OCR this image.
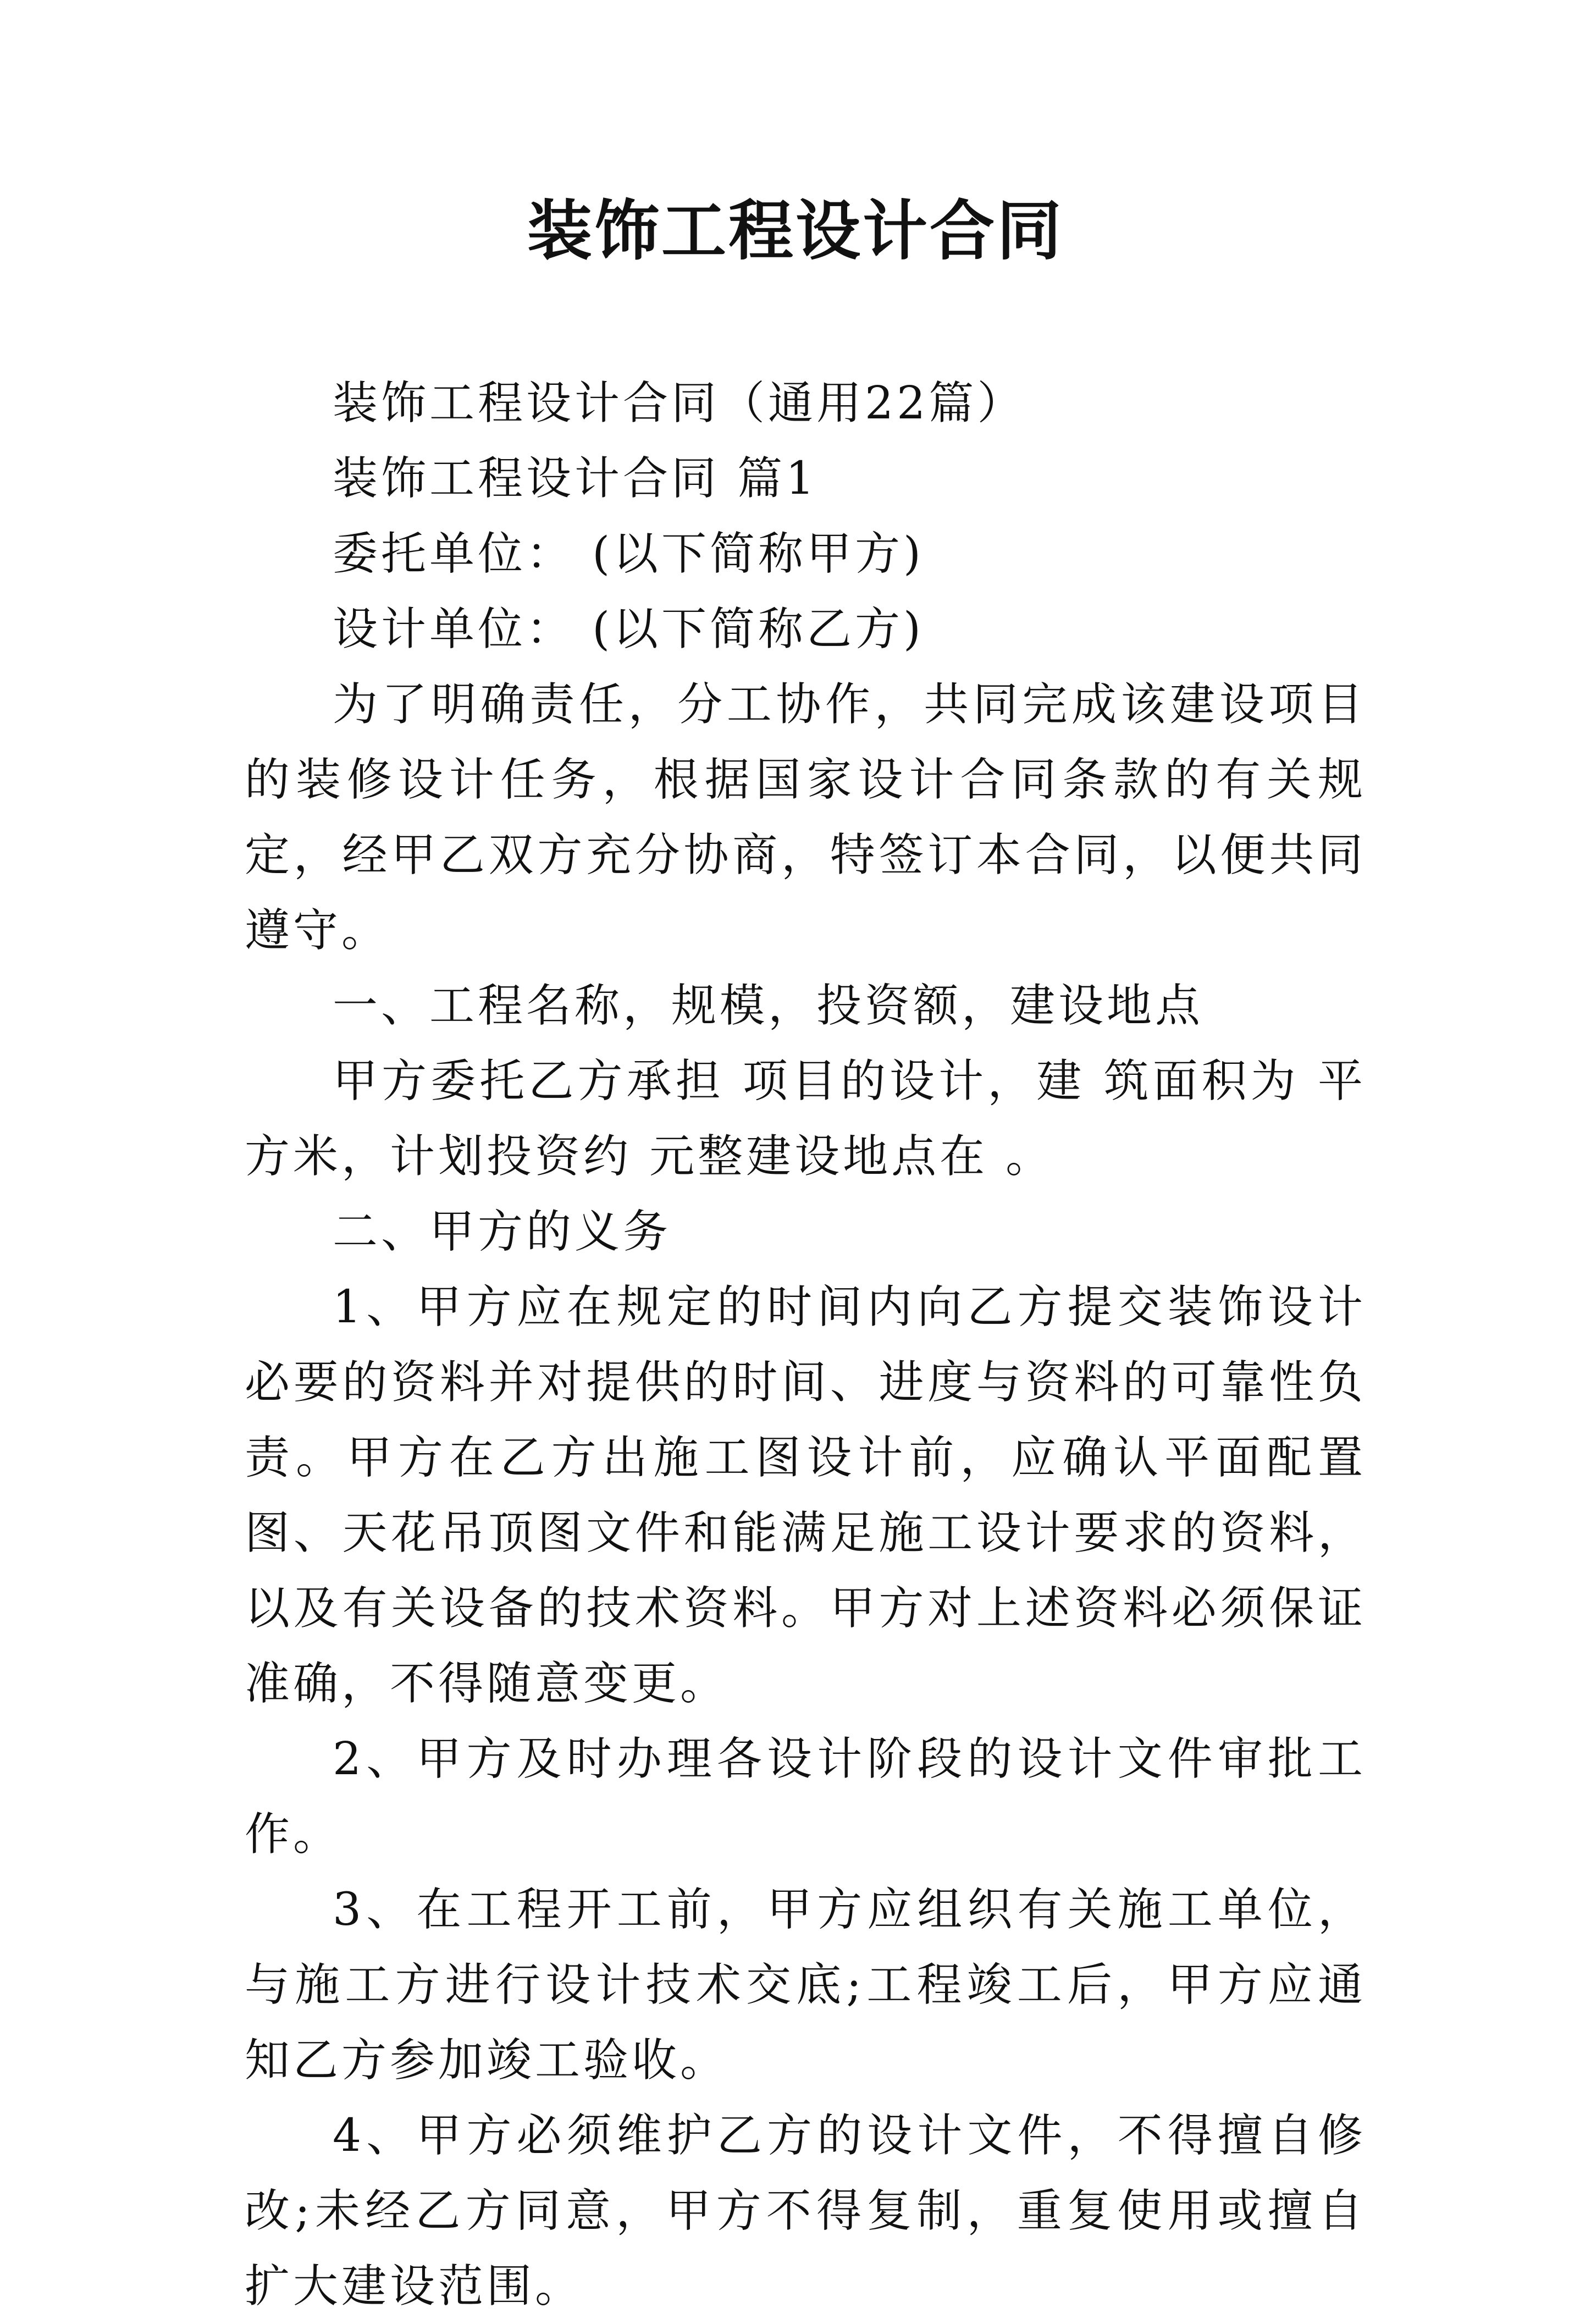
装饰工程设计合同

装饰工程设计合同（通用22篇）

装饰工程设计合同 篇1

委托单位： (以下简称甲方)

设计单位： (以下简称乙方)

为了明确责任，分工协作，共同完成该建设项目的装修设计任务，根据国家设计合同条款的有关规定，经甲乙双方充分协商，特签订本合同，以便共同遵守。

一、工程名称，规模，投资额，建设地点

甲方委托乙方承担 项目的设计，建 筑面积为 平方米，计划投资约 元整建设地点在 。

二、甲方的义务

1、甲方应在规定的时间内向乙方提交装饰设计必要的资料并对提供的时间、进度与资料的可靠性负责。甲方在乙方出施工图设计前，应确认平面配置图、天花吊顶图文件和能满足施工设计要求的资料，以及有关设备的技术资料。甲方对上述资料必须保证准确，不得随意变更。

2、甲方及时办理各设计阶段的设计文件审批工作。

3、在工程开工前，甲方应组织有关施工单位，与施工方进行设计技术交底;工程竣工后，甲方应通知乙方参加竣工验收。

4、甲方必须维护乙方的设计文件，不得擅自修改;未经乙方同意，甲方不得复制，重复使用或擅自扩大建设范围。
